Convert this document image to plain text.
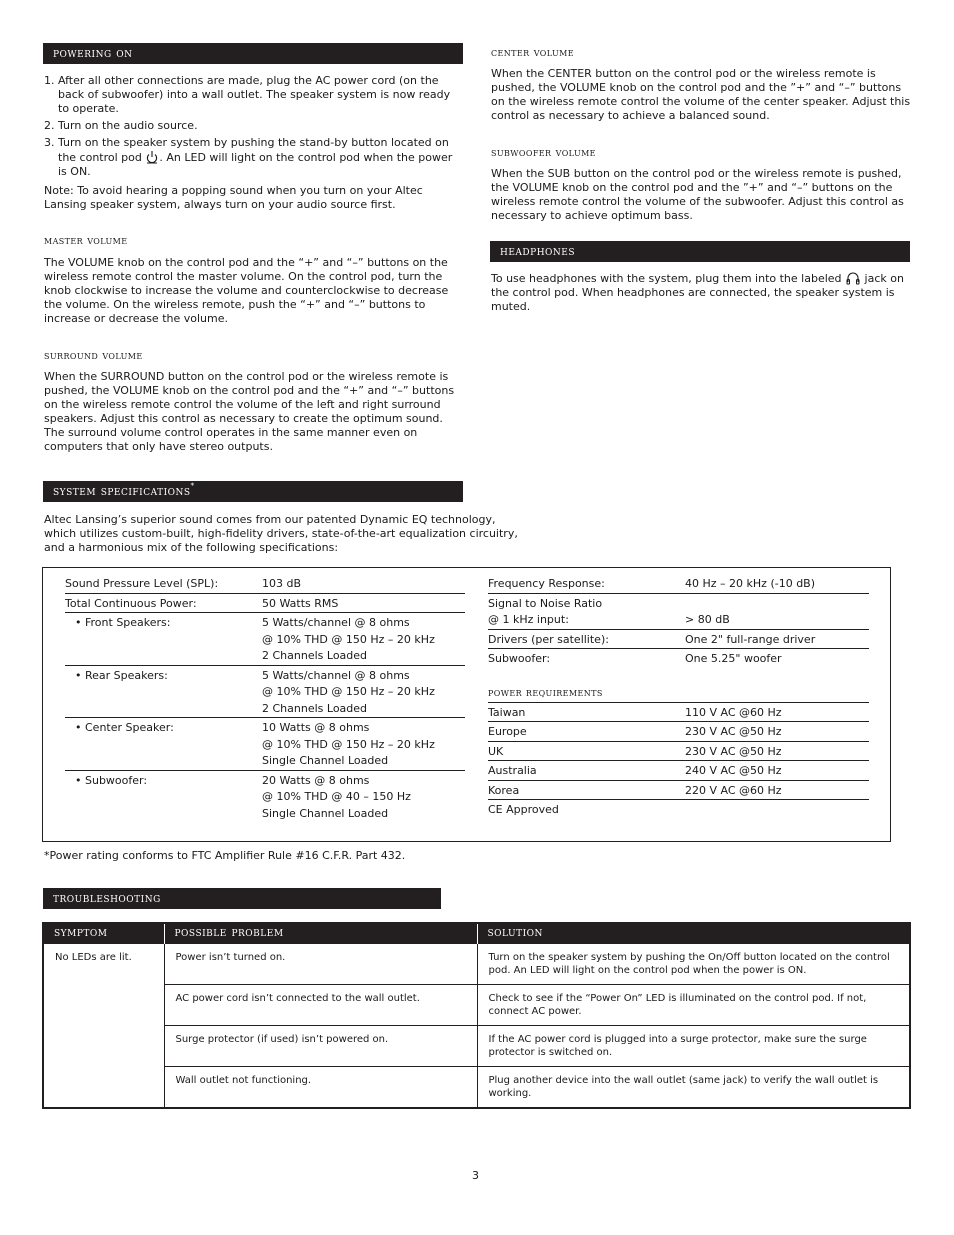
powering on
1. After all other connections are made, plug the AC power cord (on the back of subwoofer) into a wall outlet. The speaker system is now ready to operate.
2. Turn on the audio source.
3. Turn on the speaker system by pushing the stand-by button located on the control pod . An LED will light on the control pod when the power is ON.

Note: To avoid hearing a popping sound when you turn on your Altec Lansing speaker system, always turn on your audio source first.

master volume

The VOLUME knob on the control pod and the “+” and “–” buttons on the wireless remote control the master volume. On the control pod, turn the knob clockwise to increase the volume and counterclockwise to decrease the volume. On the wireless remote, push the “+” and “–” buttons to increase or decrease the volume.

surround volume

When the SURROUND button on the control pod or the wireless remote is pushed, the VOLUME knob on the control pod and the “+” and “–” buttons on the wireless remote control the volume of the left and right surround speakers. Adjust this control as necessary to create the optimum sound. The surround volume control operates in the same manner even on computers that only have stereo outputs.

center volume

When the CENTER button on the control pod or the wireless remote is pushed, the VOLUME knob on the control pod and the ”+” and “–” buttons on the wireless remote control the volume of the center speaker. Adjust this control as necessary to achieve a balanced sound.

subwoofer volume

When the SUB button on the control pod or the wireless remote is pushed, the VOLUME knob on the control pod and the ”+” and “–” buttons on the wireless remote control the volume of the subwoofer. Adjust this control as necessary to achieve optimum bass.

headphones

To use headphones with the system, plug them into the labeled jack on the control pod. When headphones are connected, the speaker system is muted.

system specifications*

Altec Lansing’s superior sound comes from our patented Dynamic EQ technology, which utilizes custom-built, high-fidelity drivers, state-of-the-art equalization circuitry, and a harmonious mix of the following specifications:

Sound Pressure Level (SPL):	103 dB
Total Continuous Power:	50 Watts RMS
• Front Speakers:	5 Watts/channel @ 8 ohms
@ 10% THD @ 150 Hz – 20 kHz
2 Channels Loaded
• Rear Speakers:	5 Watts/channel @ 8 ohms
@ 10% THD @ 150 Hz – 20 kHz
2 Channels Loaded
• Center Speaker:	10 Watts @ 8 ohms
@ 10% THD @ 150 Hz – 20 kHz
Single Channel Loaded
• Subwoofer:	20 Watts @ 8 ohms
@ 10% THD @ 40 – 150 Hz
Single Channel Loaded
Frequency Response:	40 Hz – 20 kHz (-10 dB)
Signal to Noise Ratio
@ 1 kHz input:
	> 80 dB
Drivers (per satellite):	One 2" full-range driver
Subwoofer:	One 5.25" woofer
power requirements
Taiwan	110 V AC @60 Hz
Europe	230 V AC @50 Hz
UK	230 V AC @50 Hz
Australia	240 V AC @50 Hz
Korea	220 V AC @60 Hz
CE Approved

*Power rating conforms to FTC Amplifier Rule #16 C.F.R. Part 432.

troubleshooting
symptom	possible problem	solution
No LEDs are lit.	Power isn’t turned on.	Turn on the speaker system by pushing the On/Off button located on the control pod. An LED will light on the control pod when the power is ON.
	AC power cord isn’t connected to the wall outlet.	Check to see if the “Power On” LED is illuminated on the control pod. If not, connect AC power.
	Surge protector (if used) isn’t powered on.	If the AC power cord is plugged into a surge protector, make sure the surge protector is switched on.
	Wall outlet not functioning.	Plug another device into the wall outlet (same jack) to verify the wall outlet is working.
3
